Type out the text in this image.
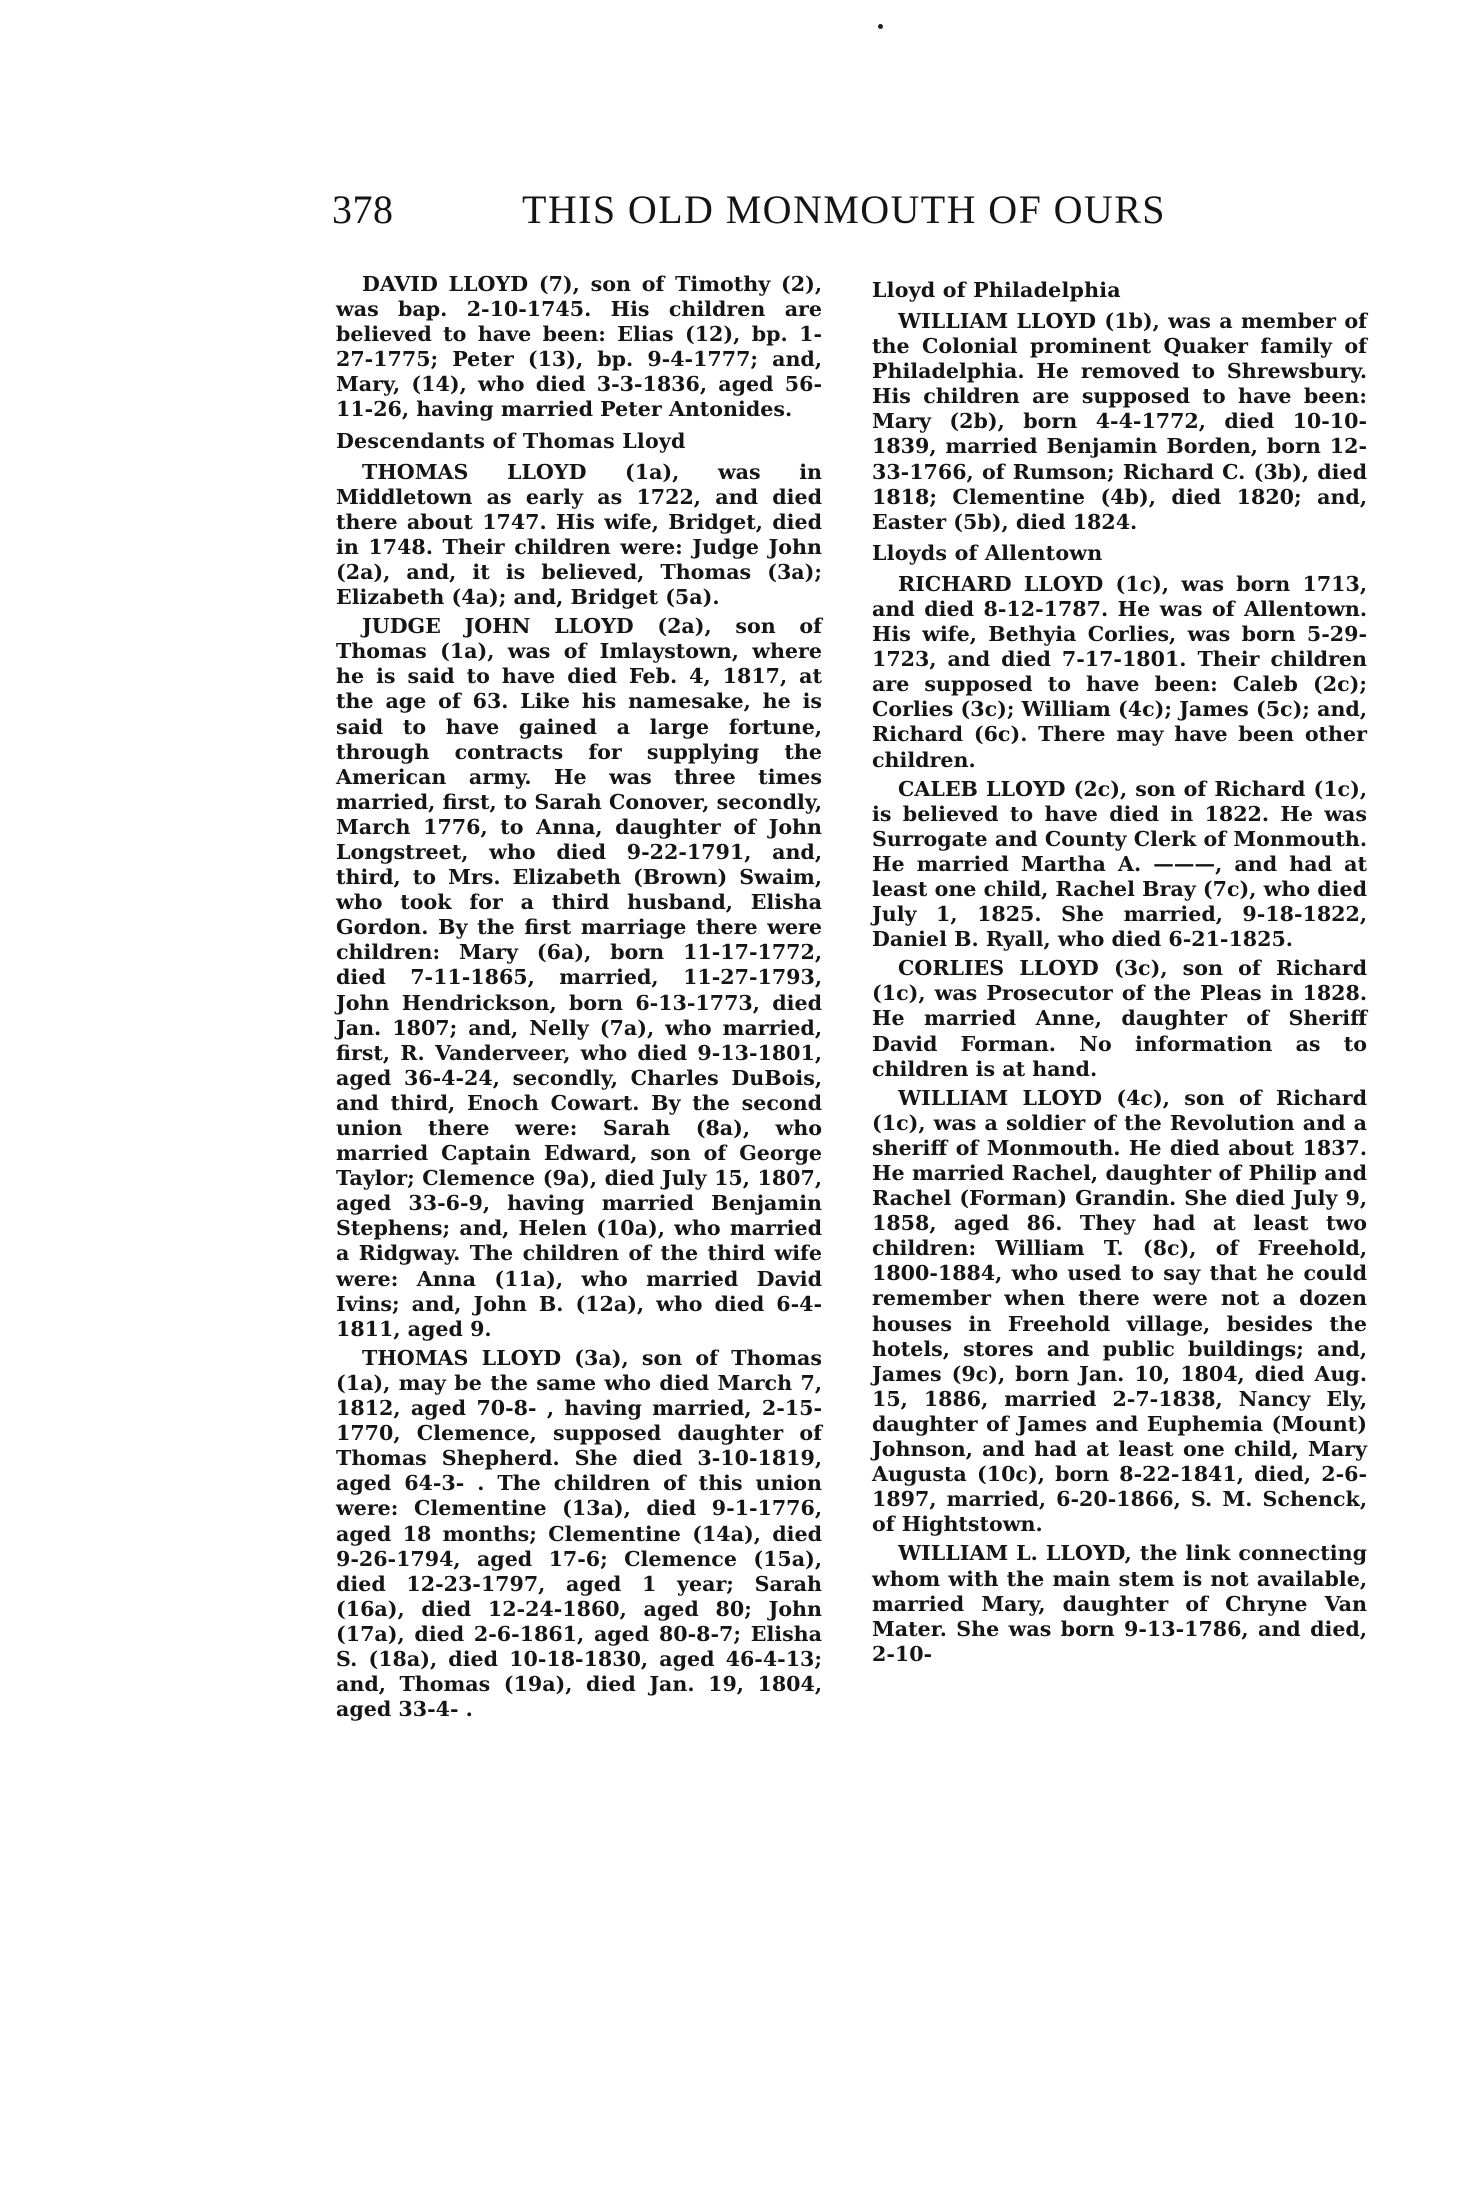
378	THIS OLD MONMOUTH OF OURS

DAVID LLOYD (7), son of Timothy (2), was bap. 2-10-1745. His children are believed to have been: Elias (12), bp. 1-27-1775; Peter (13), bp. 9-4-1777; and, Mary, (14), who died 3-3-1836, aged 56-11-26, having married Peter Antonides.

Descendants of Thomas Lloyd

THOMAS LLOYD (1a), was in Middletown as early as 1722, and died there about 1747. His wife, Bridget, died in 1748. Their children were: Judge John (2a), and, it is believed, Thomas (3a); Elizabeth (4a); and, Bridget (5a).

JUDGE JOHN LLOYD (2a), son of Thomas (1a), was of Imlaystown, where he is said to have died Feb. 4, 1817, at the age of 63. Like his namesake, he is said to have gained a large fortune, through contracts for supplying the American army. He was three times married, first, to Sarah Conover, secondly, March 1776, to Anna, daughter of John Longstreet, who died 9-22-1791, and, third, to Mrs. Elizabeth (Brown) Swaim, who took for a third husband, Elisha Gordon. By the first marriage there were children: Mary (6a), born 11-17-1772, died 7-11-1865, married, 11-27-1793, John Hendrickson, born 6-13-1773, died Jan. 1807; and, Nelly (7a), who married, first, R. Vanderveer, who died 9-13-1801, aged 36-4-24, secondly, Charles DuBois, and third, Enoch Cowart. By the second union there were: Sarah (8a), who married Captain Edward, son of George Taylor; Clemence (9a), died July 15, 1807, aged 33-6-9, having married Benjamin Stephens; and, Helen (10a), who married a Ridgway. The children of the third wife were: Anna (11a), who married David Ivins; and, John B. (12a), who died 6-4-1811, aged 9.

THOMAS LLOYD (3a), son of Thomas (1a), may be the same who died March 7, 1812, aged 70-8- , having married, 2-15-1770, Clemence, supposed daughter of Thomas Shepherd. She died 3-10-1819, aged 64-3- . The children of this union were: Clementine (13a), died 9-1-1776, aged 18 months; Clementine (14a), died 9-26-1794, aged 17-6; Clemence (15a), died 12-23-1797, aged 1 year; Sarah (16a), died 12-24-1860, aged 80; John (17a), died 2-6-1861, aged 80-8-7; Elisha S. (18a), died 10-18-1830, aged 46-4-13; and, Thomas (19a), died Jan. 19, 1804, aged 33-4- .

Lloyd of Philadelphia

WILLIAM LLOYD (1b), was a member of the Colonial prominent Quaker family of Philadelphia. He removed to Shrewsbury. His children are supposed to have been: Mary (2b), born 4-4-1772, died 10-10-1839, married Benjamin Borden, born 12-33-1766, of Rumson; Richard C. (3b), died 1818; Clementine (4b), died 1820; and, Easter (5b), died 1824.

Lloyds of Allentown

RICHARD LLOYD (1c), was born 1713, and died 8-12-1787. He was of Allentown. His wife, Bethyia Corlies, was born 5-29-1723, and died 7-17-1801. Their children are supposed to have been: Caleb (2c); Corlies (3c); William (4c); James (5c); and, Richard (6c). There may have been other children.

CALEB LLOYD (2c), son of Richard (1c), is believed to have died in 1822. He was Surrogate and County Clerk of Monmouth. He married Martha A. ———, and had at least one child, Rachel Bray (7c), who died July 1, 1825. She married, 9-18-1822, Daniel B. Ryall, who died 6-21-1825.

CORLIES LLOYD (3c), son of Richard (1c), was Prosecutor of the Pleas in 1828. He married Anne, daughter of Sheriff David Forman. No information as to children is at hand.

WILLIAM LLOYD (4c), son of Richard (1c), was a soldier of the Revolution and a sheriff of Monmouth. He died about 1837. He married Rachel, daughter of Philip and Rachel (Forman) Grandin. She died July 9, 1858, aged 86. They had at least two children: William T. (8c), of Freehold, 1800-1884, who used to say that he could remember when there were not a dozen houses in Freehold village, besides the hotels, stores and public buildings; and, James (9c), born Jan. 10, 1804, died Aug. 15, 1886, married 2-7-1838, Nancy Ely, daughter of James and Euphemia (Mount) Johnson, and had at least one child, Mary Augusta (10c), born 8-22-1841, died, 2-6-1897, married, 6-20-1866, S. M. Schenck, of Hightstown.

WILLIAM L. LLOYD, the link connecting whom with the main stem is not available, married Mary, daughter of Chryne Van Mater. She was born 9-13-1786, and died, 2-10-
